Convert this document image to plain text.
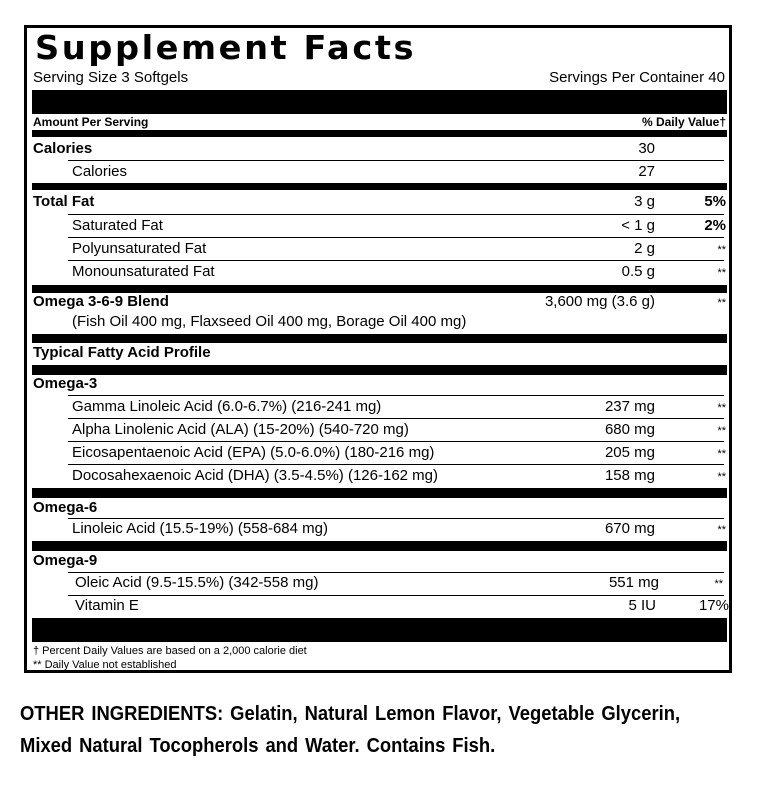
Supplement Facts
Serving Size 3 Softgels	Servings Per Container 40
Amount Per Serving	% Daily Value†
Calories	30
Calories	27
Total Fat	3 g	5%
Saturated Fat	< 1 g	2%
Polyunsaturated Fat	2 g	**
Monounsaturated Fat	0.5 g	**
Omega 3-6-9 Blend	3,600 mg (3.6 g)	**
(Fish Oil 400 mg, Flaxseed Oil 400 mg, Borage Oil 400 mg)
Typical Fatty Acid Profile
Omega-3
Gamma Linoleic Acid (6.0-6.7%) (216-241 mg)	237 mg	**
Alpha Linolenic Acid (ALA) (15-20%) (540-720 mg)	680 mg	**
Eicosapentaenoic Acid (EPA) (5.0-6.0%) (180-216 mg)	205 mg	**
Docosahexaenoic Acid (DHA) (3.5-4.5%) (126-162 mg)	158 mg	**
Omega-6
Linoleic Acid (15.5-19%) (558-684 mg)	670 mg	**
Omega-9
Oleic Acid (9.5-15.5%) (342-558 mg)	551 mg	**
Vitamin E	5 IU	17%
† Percent Daily Values are based on a 2,000 calorie diet
** Daily Value not established
OTHER INGREDIENTS: Gelatin, Natural Lemon Flavor, Vegetable Glycerin,
Mixed Natural Tocopherols and Water. Contains Fish.
